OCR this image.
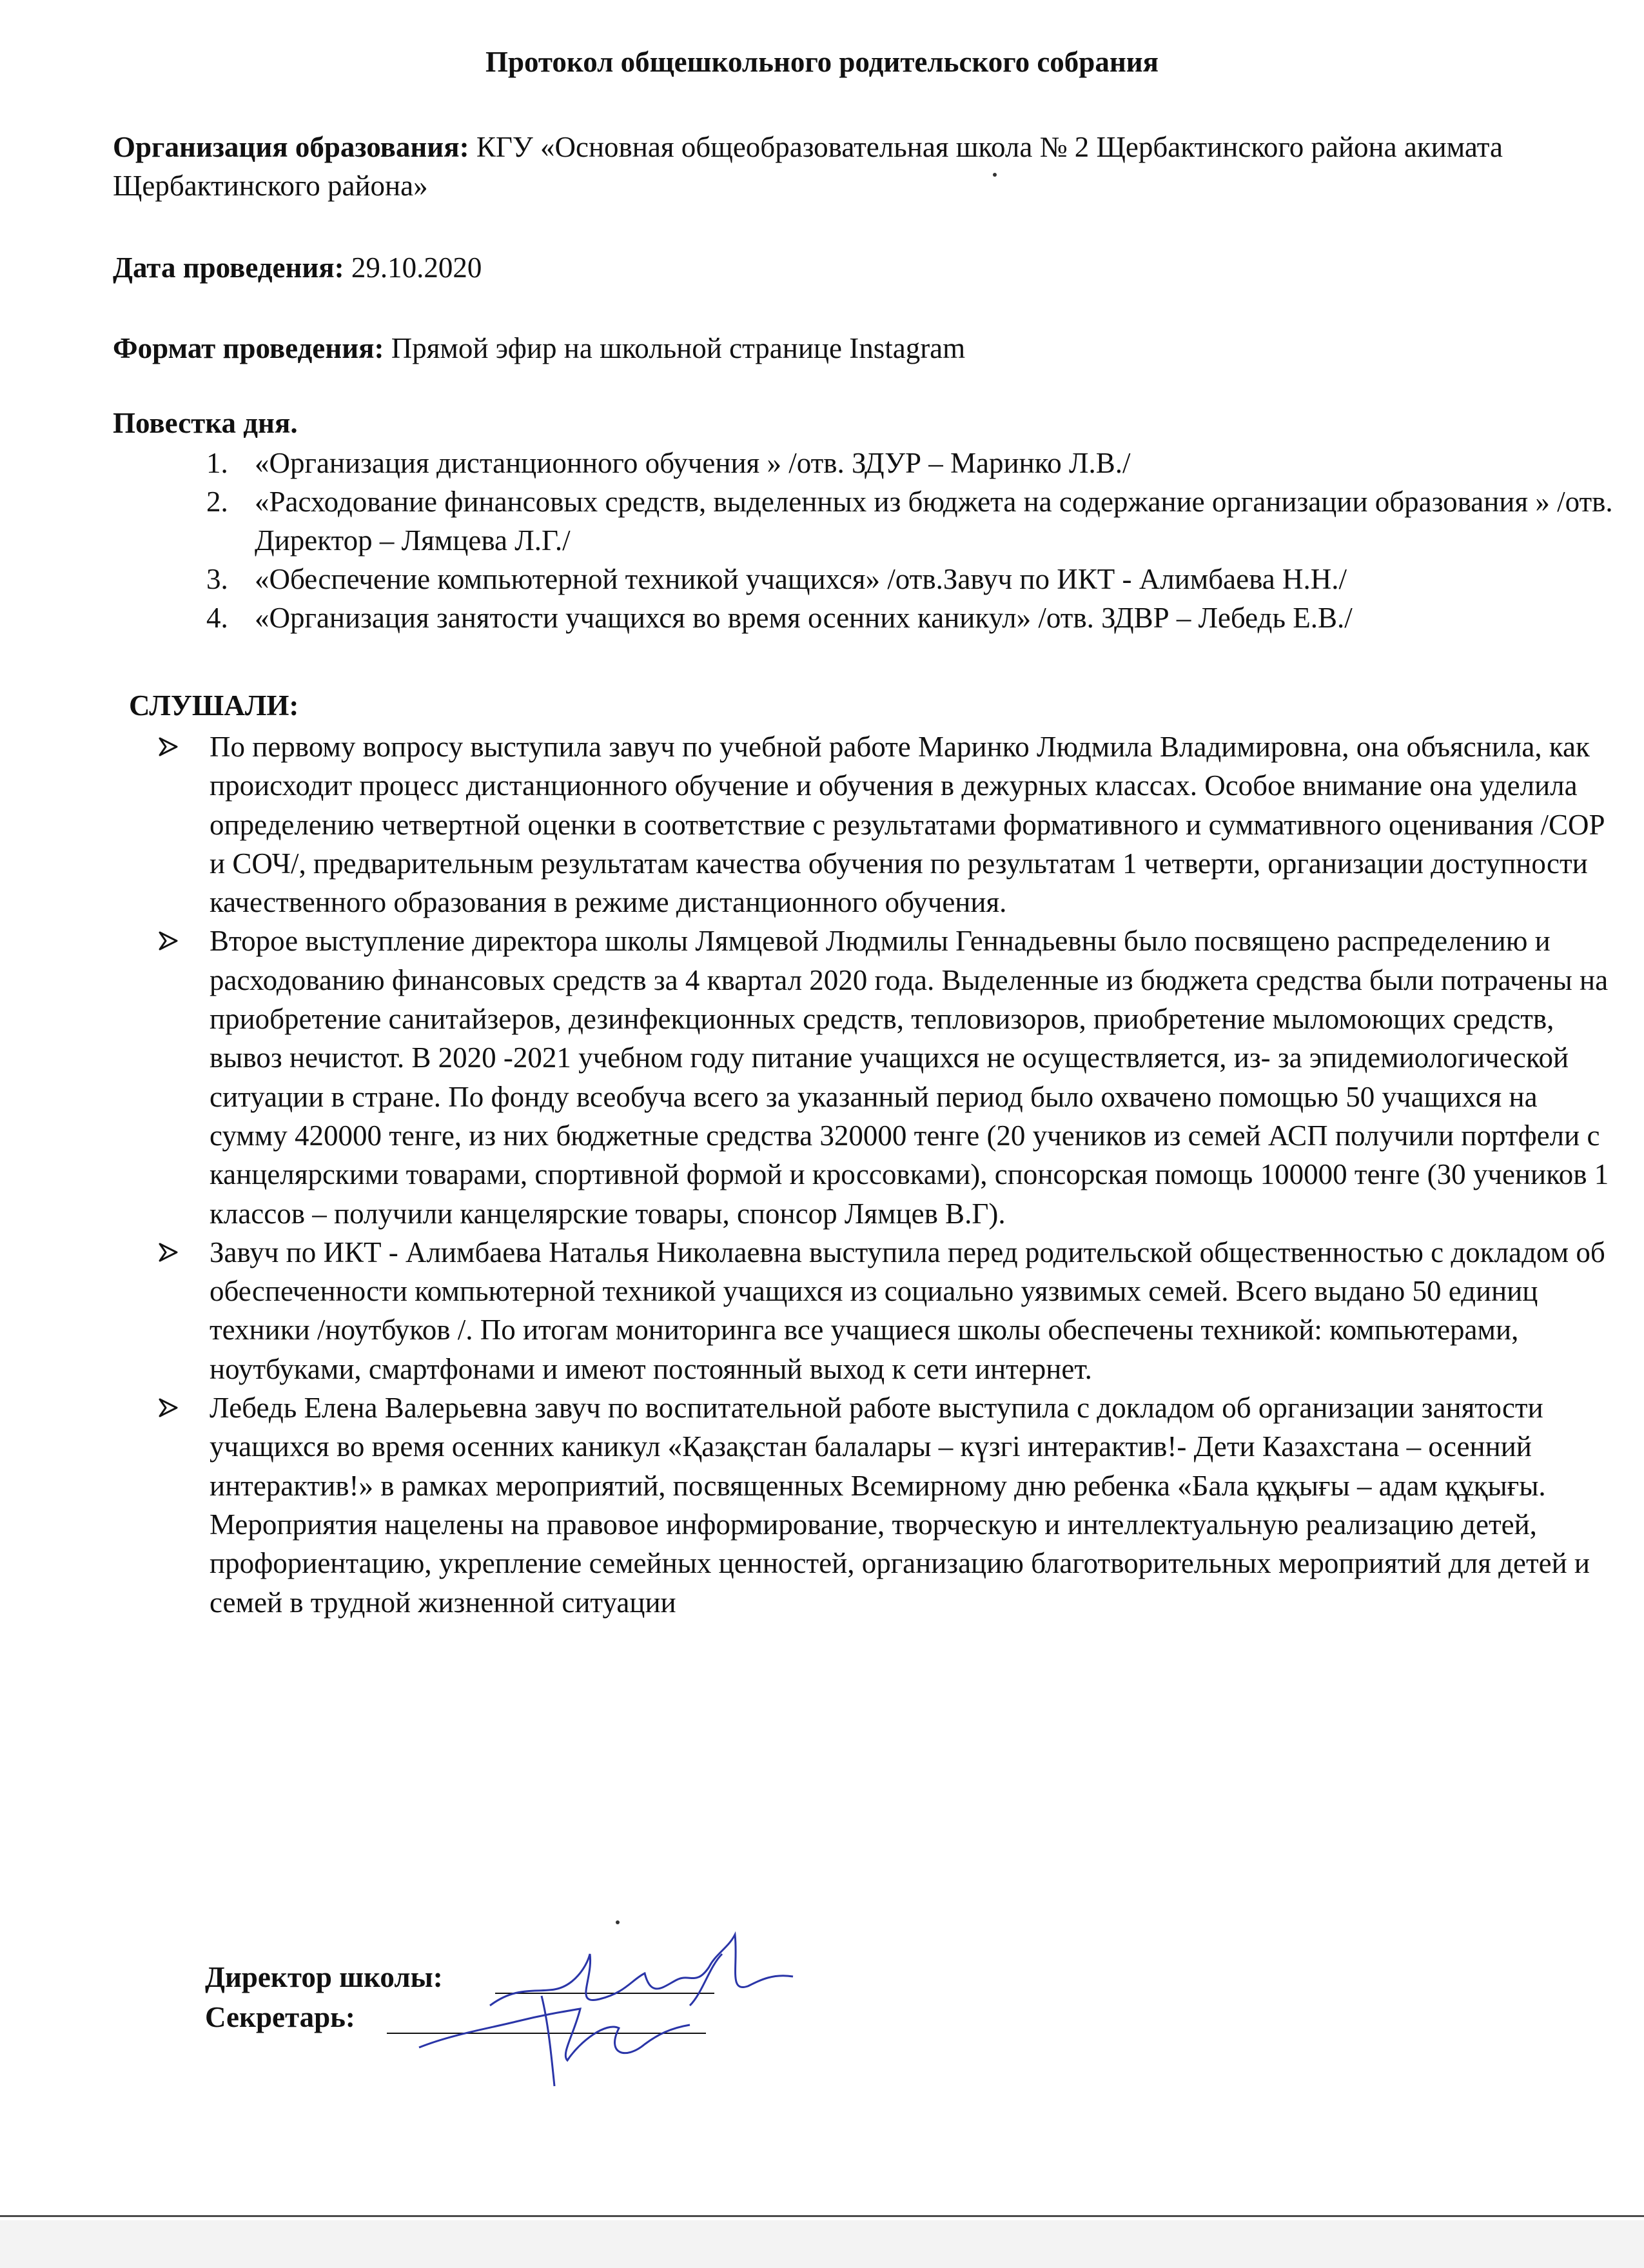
Протокол общешкольного родительского собрания
Организация образования: КГУ «Основная общеобразовательная школа № 2 Щербактинского района акимата Щербактинского района»
Дата проведения: 29.10.2020
Формат проведения: Прямой эфир на школьной странице Instagram
Повестка дня.
1. «Организация дистанционного обучения » /отв. ЗДУР – Маринко Л.В./
2. «Расходование финансовых средств, выделенных из бюджета на содержание организации образования » /отв. Директор – Лямцева Л.Г./
3. «Обеспечение компьютерной техникой учащихся» /отв.Завуч по ИКТ - Алимбаева Н.Н./
4. «Организация занятости учащихся во время осенних каникул» /отв. ЗДВР – Лебедь Е.В./
СЛУШАЛИ:
По первому вопросу выступила завуч по учебной работе Маринко Людмила Владимировна, она объяснила, как происходит процесс дистанционного обучение и обучения в дежурных классах. Особое внимание она уделила определению четвертной оценки в соответствие с результатами формативного и суммативного оценивания /СОР и СОЧ/, предварительным результатам качества обучения по результатам 1 четверти, организации доступности качественного образования в режиме дистанционного обучения.
Второе выступление директора школы Лямцевой Людмилы Геннадьевны было посвящено распределению и расходованию финансовых средств за 4 квартал 2020 года. Выделенные из бюджета средства были потрачены на приобретение санитайзеров, дезинфекционных средств, тепловизоров, приобретение мыломоющих средств, вывоз нечистот. В 2020 -2021 учебном году питание учащихся не осуществляется, из- за эпидемиологической ситуации в стране. По фонду всеобуча всего за указанный период было охвачено помощью 50 учащихся на сумму 420000 тенге, из них бюджетные средства 320000 тенге (20 учеников из семей АСП получили портфели с канцелярскими товарами, спортивной формой и кроссовками), спонсорская помощь 100000 тенге (30 учеников 1 классов – получили канцелярские товары, спонсор Лямцев В.Г).
Завуч по ИКТ - Алимбаева Наталья Николаевна выступила перед родительской общественностью с докладом об обеспеченности компьютерной техникой учащихся из социально уязвимых семей. Всего выдано 50 единиц техники /ноутбуков /. По итогам мониторинга все учащиеся школы обеспечены техникой: компьютерами, ноутбуками, смартфонами и имеют постоянный выход к сети интернет.
Лебедь Елена Валерьевна завуч по воспитательной работе выступила с докладом об организации занятости учащихся во время осенних каникул «Қазақстан балалары – күзгі интерактив!- Дети Казахстана – осенний интерактив!» в рамках мероприятий, посвященных Всемирному дню ребенка «Бала құқығы – адам құқығы. Мероприятия нацелены на правовое информирование, творческую и интеллектуальную реализацию детей, профориентацию, укрепление семейных ценностей, организацию благотворительных мероприятий для детей и семей в трудной жизненной ситуации
Директор школы:
Секретарь:
